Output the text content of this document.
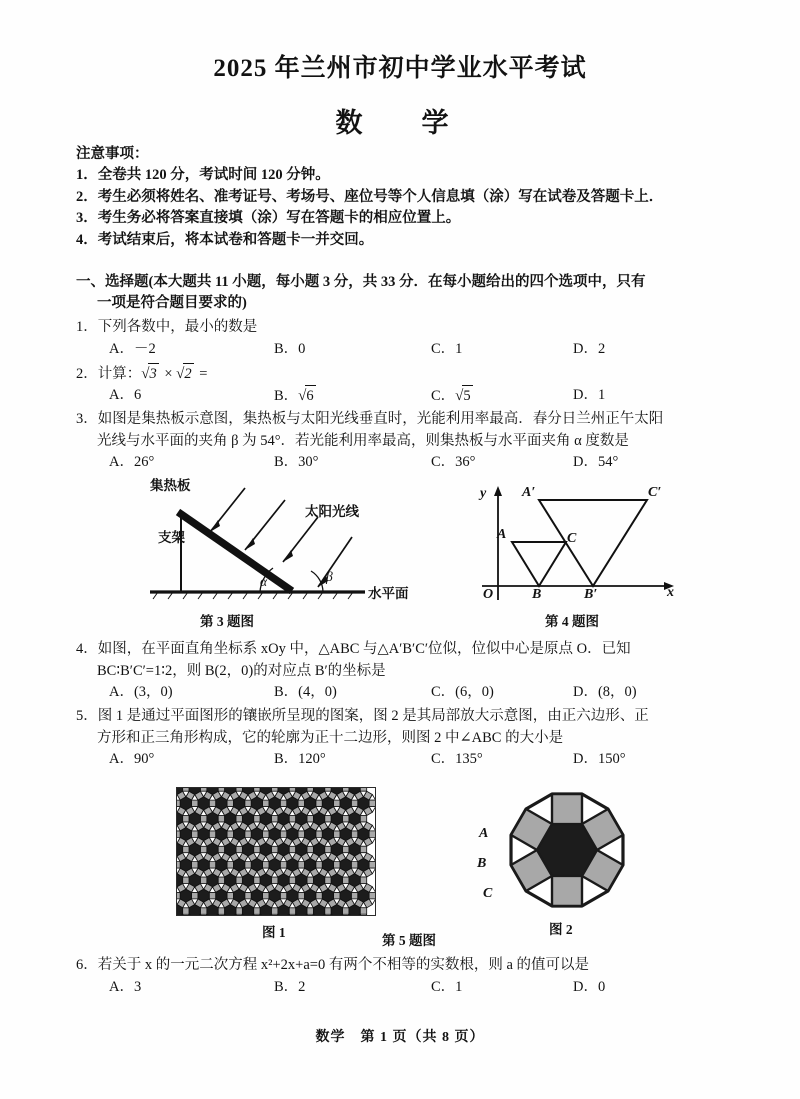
2025 年兰州市初中学业水平考试
数　学
注意事项：
1．全卷共 120 分，考试时间 120 分钟。
2．考生必须将姓名、准考证号、考场号、座位号等个人信息填（涂）写在试卷及答题卡上．
3．考生务必将答案直接填（涂）写在答题卡的相应位置上。
4．考试结束后，将本试卷和答题卡一并交回。
一、选择题(本大题共 11 小题，每小题 3 分，共 33 分．在每小题给出的四个选项中，只有
一项是符合题目要求的)
1．下列各数中，最小的数是
A．－2	B．0	C．1	D．2
2．计算：√3 × √2 =
A．6	B．√6	C．√5	D．1
3．如图是集热板示意图，集热板与太阳光线垂直时，光能利用率最高．春分日兰州正午太阳
光线与水平面的夹角 β 为 54°．若光能利用率最高，则集热板与水平面夹角 α 度数是
A．26°	B．30°	C．36°	D．54°
4．如图，在平面直角坐标系 xOy 中，△ABC 与△A′B′C′位似，位似中心是原点 O．已知
BC∶B′C′=1∶2，则 B(2，0)的对应点 B′的坐标是
A．(3，0)	B．(4，0)	C．(6，0)	D．(8，0)
5．图 1 是通过平面图形的镶嵌所呈现的图案，图 2 是其局部放大示意图，由正六边形、正
方形和正三角形构成，它的轮廓为正十二边形，则图 2 中∠ABC 的大小是
A．90°	B．120°	C．135°	D．150°
6．若关于 x 的一元二次方程 x²+2x+a=0 有两个不相等的实数根，则 a 的值可以是
A．3	B．2	C．1	D．0
集热板
支架
太阳光线
水平面
α	β
第 3 题图
y
x
O
A
B
C
A′
B′
C′
第 4 题图
A
B
C
图 1
第 5 题图
图 2
数学　第 1 页（共 8 页）
